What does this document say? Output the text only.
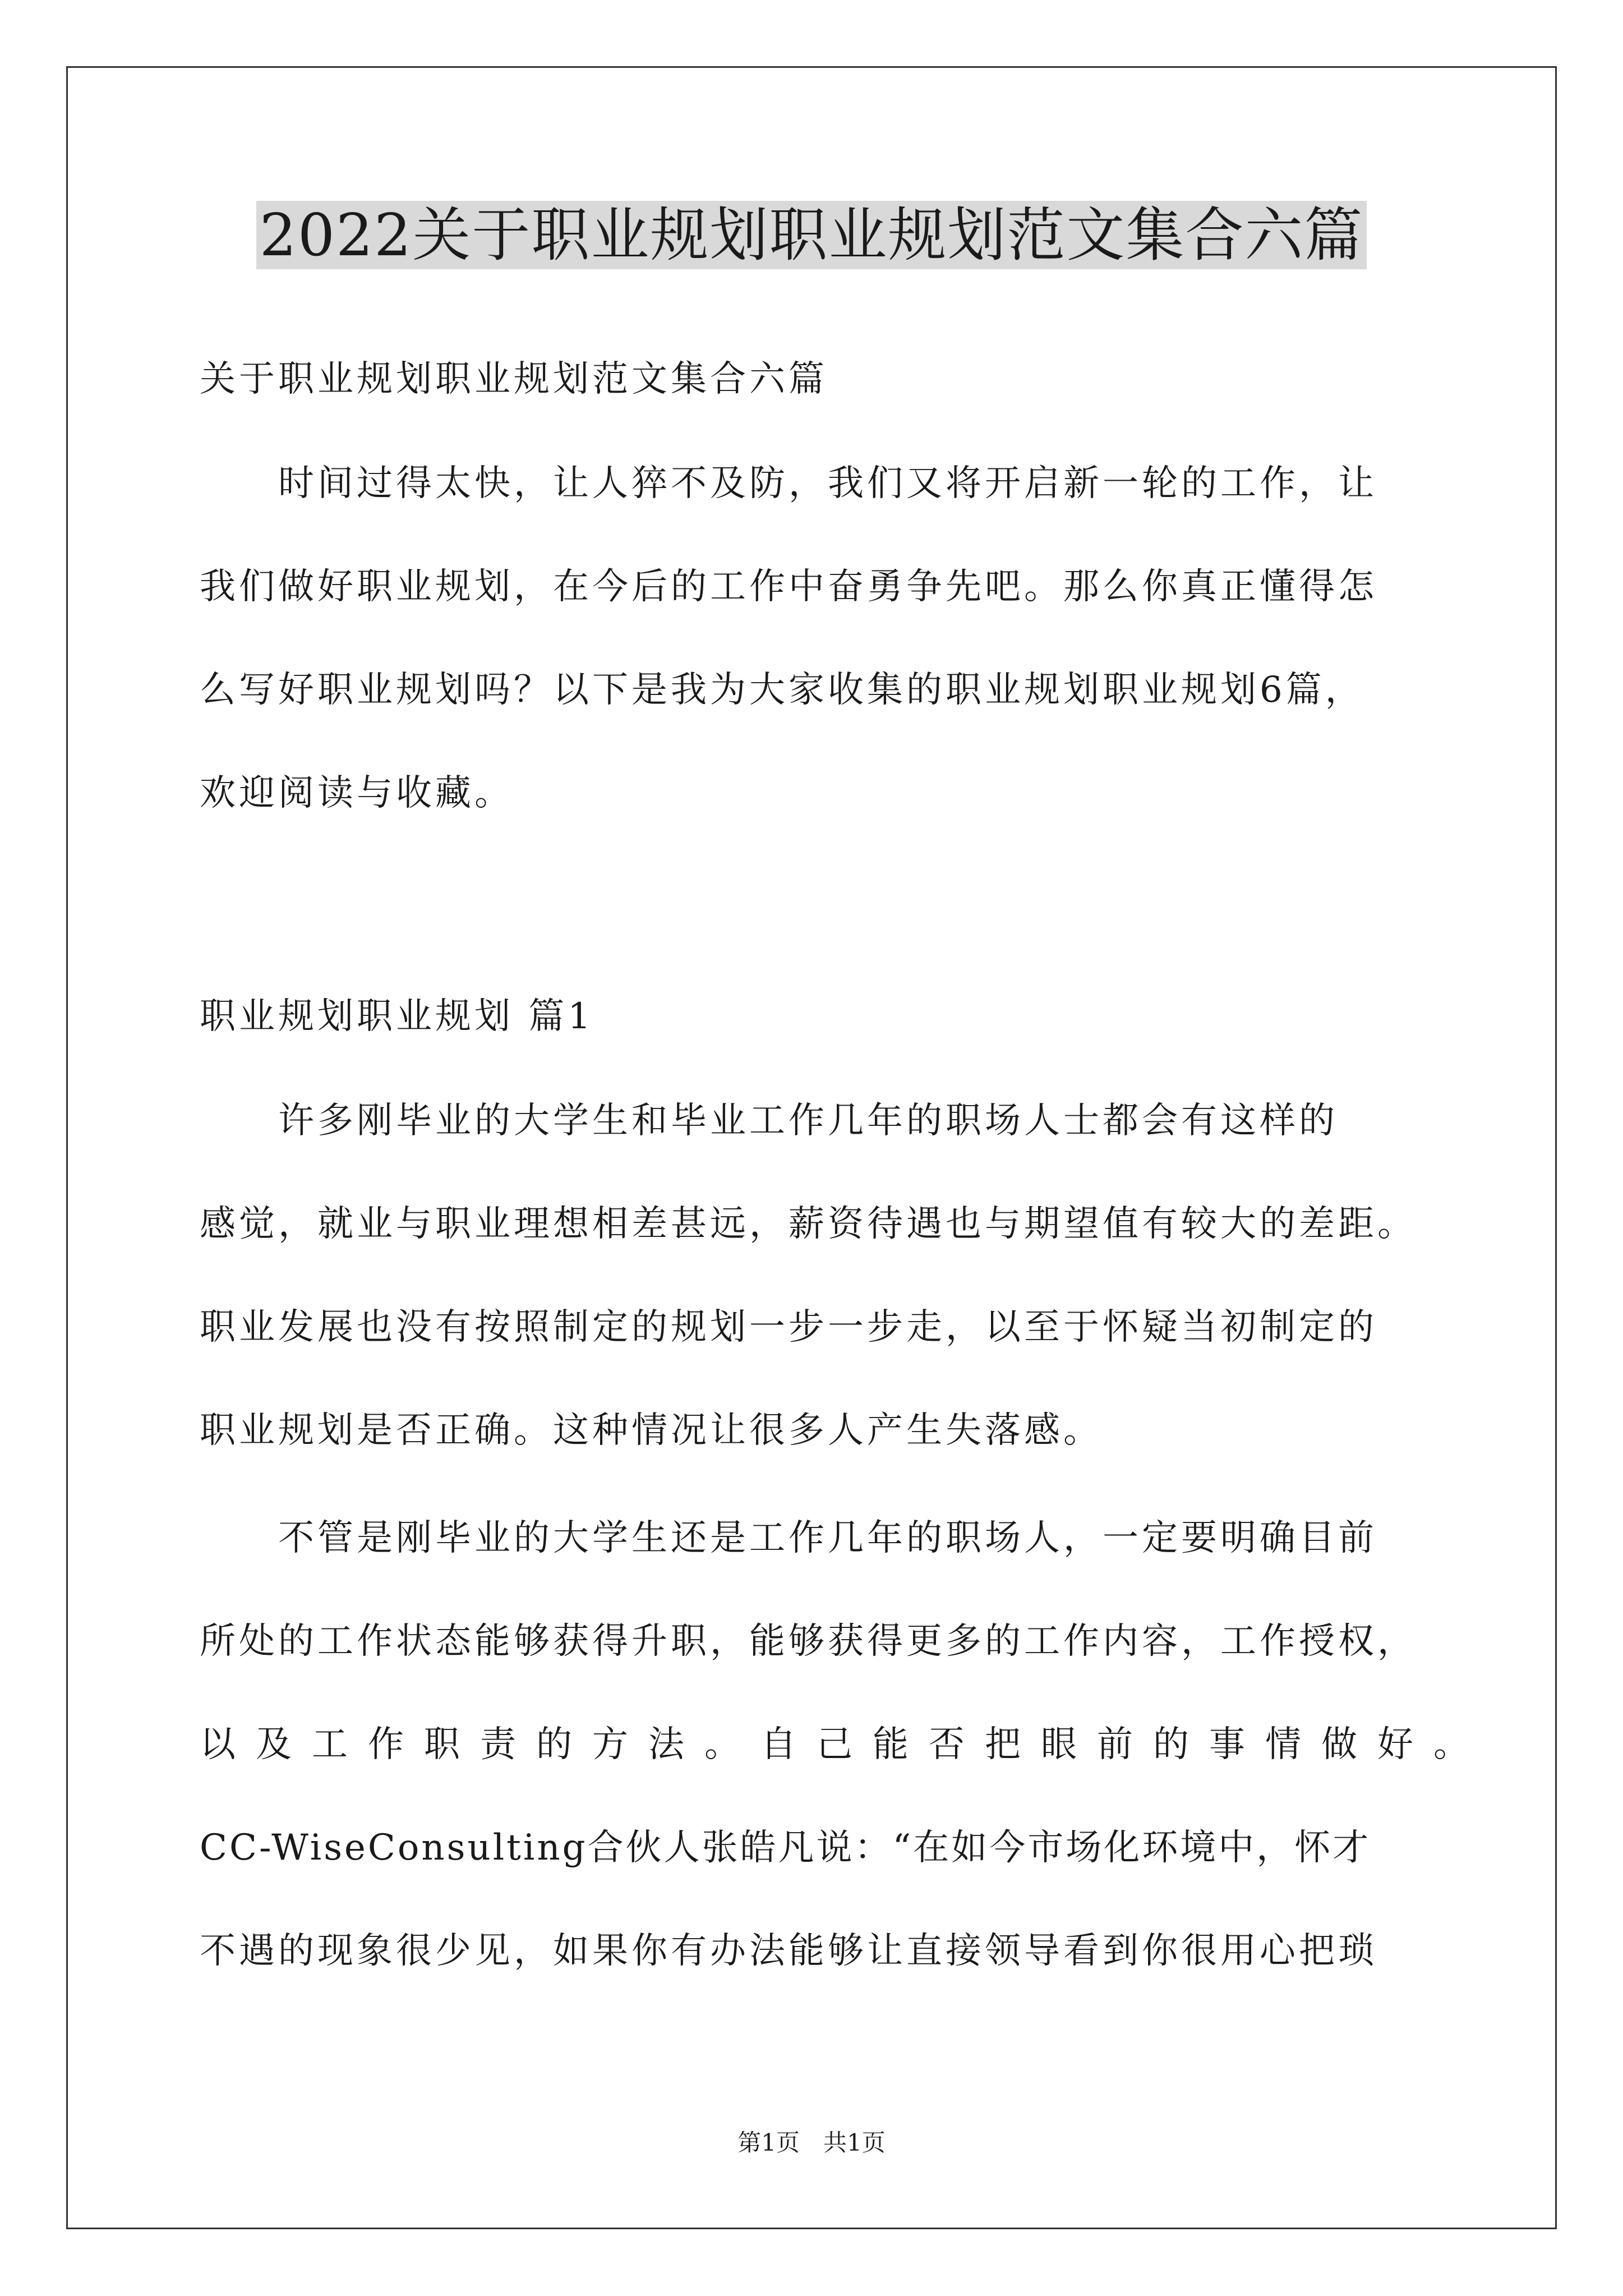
2022关于职业规划职业规划范文集合六篇
关于职业规划职业规划范文集合六篇
　　时间过得太快，让人猝不及防，我们又将开启新一轮的工作，让
我们做好职业规划，在今后的工作中奋勇争先吧。那么你真正懂得怎
么写好职业规划吗？以下是我为大家收集的职业规划职业规划6篇，
欢迎阅读与收藏。
职业规划职业规划 篇1
　　许多刚毕业的大学生和毕业工作几年的职场人士都会有这样的
感觉，就业与职业理想相差甚远，薪资待遇也与期望值有较大的差距。
职业发展也没有按照制定的规划一步一步走，以至于怀疑当初制定的
职业规划是否正确。这种情况让很多人产生失落感。
　　不管是刚毕业的大学生还是工作几年的职场人，一定要明确目前
所处的工作状态能够获得升职，能够获得更多的工作内容，工作授权，
以 及 工 作 职 责 的 方 法 。 自 己 能 否 把 眼 前 的 事 情 做 好 。
CC-WiseConsulting合伙人张皓凡说：“在如今市场化环境中，怀才
不遇的现象很少见，如果你有办法能够让直接领导看到你很用心把琐
第1页　共1页
